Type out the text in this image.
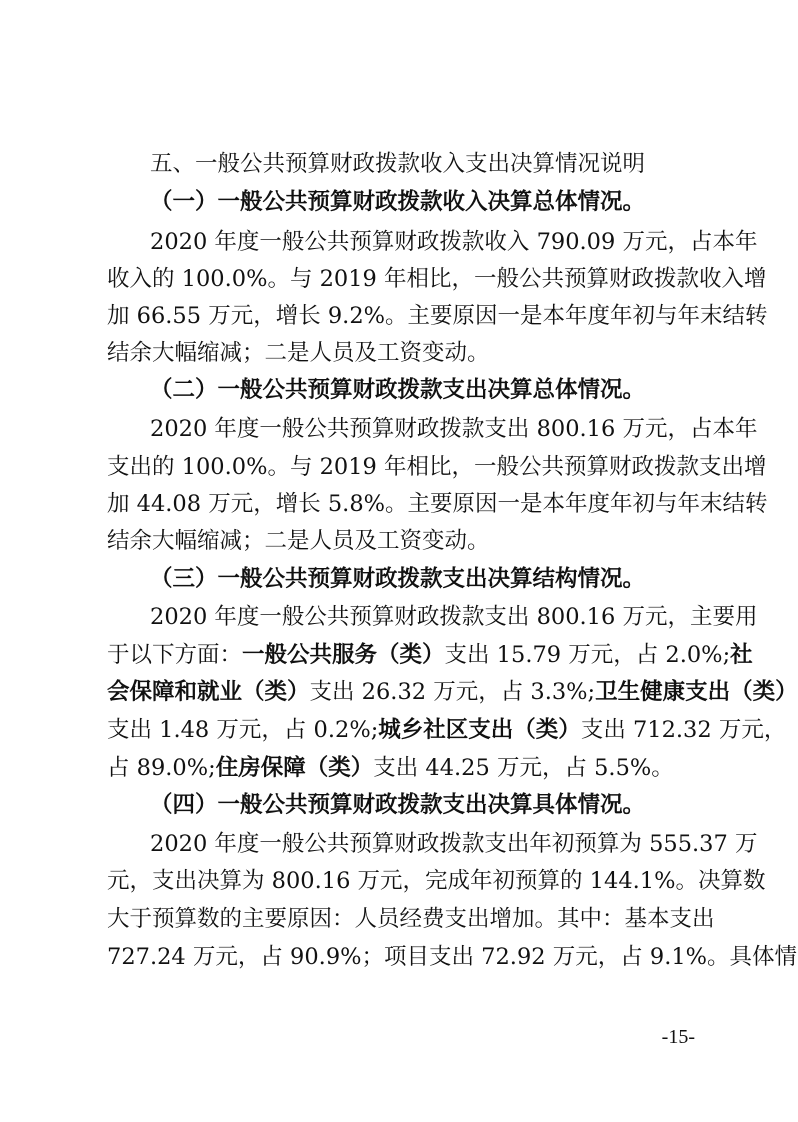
五、一般公共预算财政拨款收入支出决算情况说明
（一）一般公共预算财政拨款收入决算总体情况。
2020 年度一般公共预算财政拨款收入 790.09 万元，占本年
收入的 100.0%。与 2019 年相比，一般公共预算财政拨款收入增
加 66.55 万元，增长 9.2%。主要原因一是本年度年初与年末结转
结余大幅缩减；二是人员及工资变动。
（二）一般公共预算财政拨款支出决算总体情况。
2020 年度一般公共预算财政拨款支出 800.16 万元，占本年
支出的 100.0%。与 2019 年相比，一般公共预算财政拨款支出增
加 44.08 万元，增长 5.8%。主要原因一是本年度年初与年末结转
结余大幅缩减；二是人员及工资变动。
（三）一般公共预算财政拨款支出决算结构情况。
2020 年度一般公共预算财政拨款支出 800.16 万元，主要用
于以下方面：一般公共服务（类）支出 15.79 万元，占 2.0%;社
会保障和就业（类）支出 26.32 万元，占 3.3%;卫生健康支出（类）
支出 1.48 万元，占 0.2%;城乡社区支出（类）支出 712.32 万元，
占 89.0%;住房保障（类）支出 44.25 万元，占 5.5%。
（四）一般公共预算财政拨款支出决算具体情况。
2020 年度一般公共预算财政拨款支出年初预算为 555.37 万
元，支出决算为 800.16 万元，完成年初预算的 144.1%。决算数
大于预算数的主要原因：人员经费支出增加。其中：基本支出
727.24 万元，占 90.9%；项目支出 72.92 万元，占 9.1%。具体情
-15-
